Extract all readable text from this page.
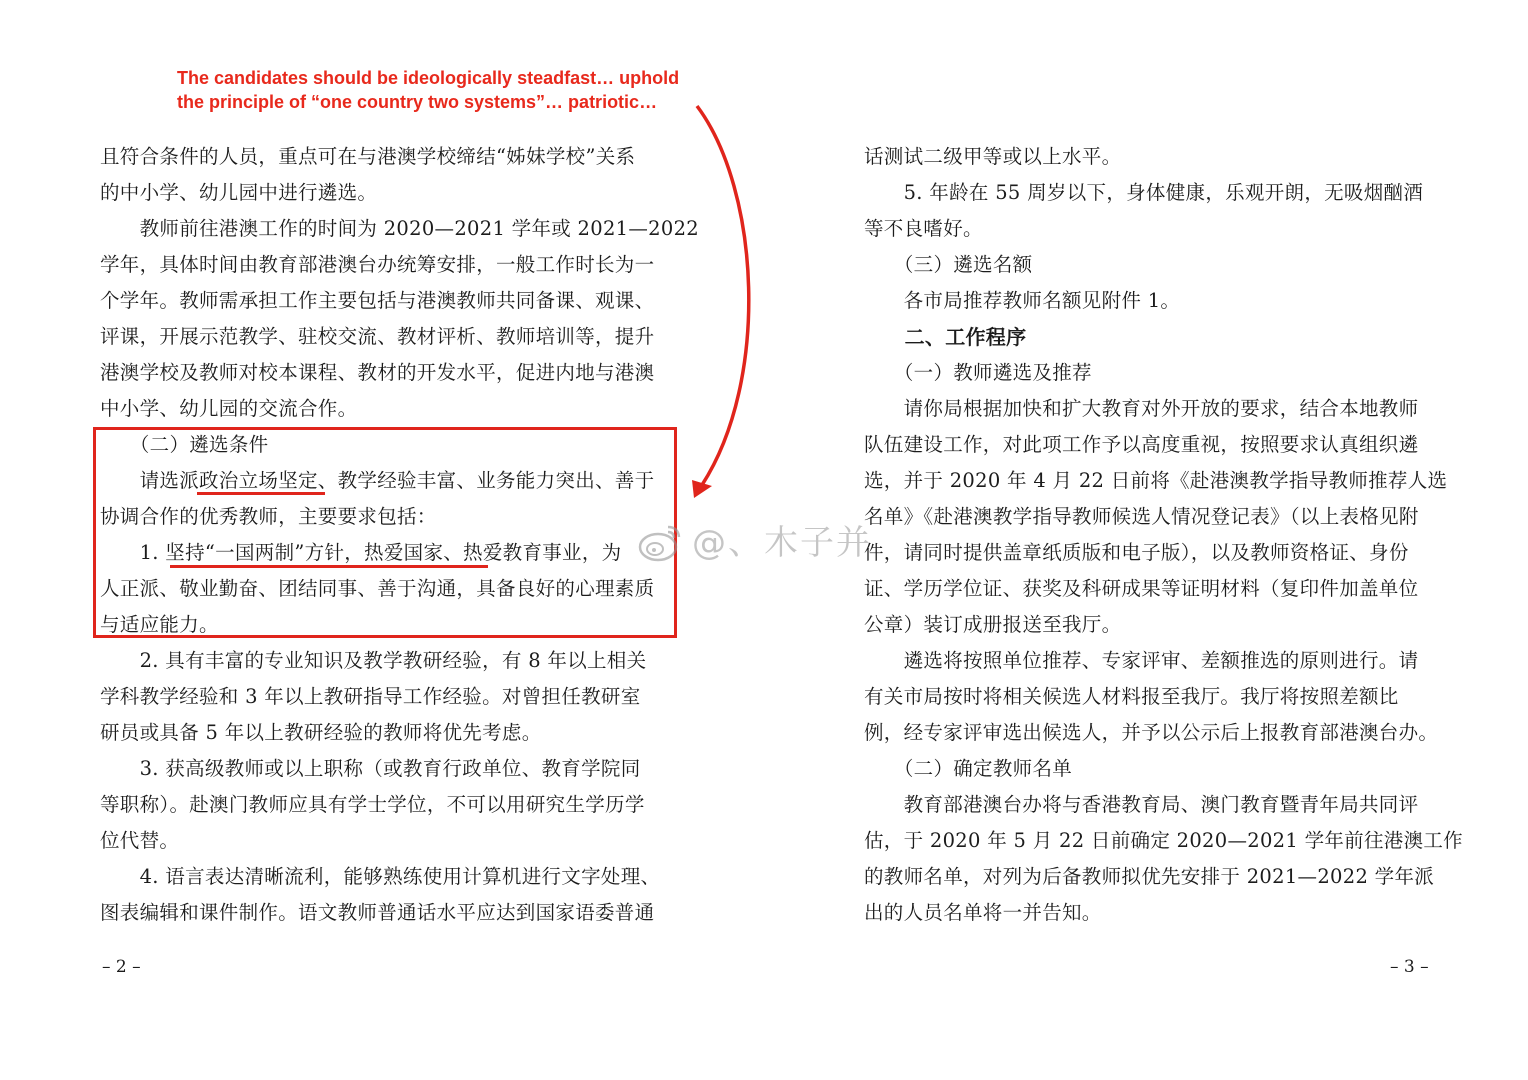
The candidates should be ideologically steadfast… uphold
the principle of “one country two systems”… patriotic…
且符合条件的人员，重点可在与港澳学校缔结“姊妹学校”关系
的中小学、幼儿园中进行遴选。
　　教师前往港澳工作的时间为 2020—2021 学年或 2021—2022
学年，具体时间由教育部港澳台办统筹安排，一般工作时长为一
个学年。教师需承担工作主要包括与港澳教师共同备课、观课、
评课，开展示范教学、驻校交流、教材评析、教师培训等，提升
港澳学校及教师对校本课程、教材的开发水平，促进内地与港澳
中小学、幼儿园的交流合作。
　　（二）遴选条件
　　请选派政治立场坚定、教学经验丰富、业务能力突出、善于
协调合作的优秀教师，主要要求包括：
　　1. 坚持“一国两制”方针，热爱国家、热爱教育事业，为
人正派、敬业勤奋、团结同事、善于沟通，具备良好的心理素质
与适应能力。
　　2. 具有丰富的专业知识及教学教研经验，有 8 年以上相关
学科教学经验和 3 年以上教研指导工作经验。对曾担任教研室
研员或具备 5 年以上教研经验的教师将优先考虑。
　　3. 获高级教师或以上职称（或教育行政单位、教育学院同
等职称）。赴澳门教师应具有学士学位，不可以用研究生学历学
位代替。
　　4. 语言表达清晰流利，能够熟练使用计算机进行文字处理、
图表编辑和课件制作。语文教师普通话水平应达到国家语委普通
– 2 –
话测试二级甲等或以上水平。
　　5. 年龄在 55 周岁以下，身体健康，乐观开朗，无吸烟酗酒
等不良嗜好。
　　（三）遴选名额
　　各市局推荐教师名额见附件 1。
　　二、工作程序
　　（一）教师遴选及推荐
　　请你局根据加快和扩大教育对外开放的要求，结合本地教师
队伍建设工作，对此项工作予以高度重视，按照要求认真组织遴
选，并于 2020 年 4 月 22 日前将《赴港澳教学指导教师推荐人选
名单》《赴港澳教学指导教师候选人情况登记表》（以上表格见附
件，请同时提供盖章纸质版和电子版），以及教师资格证、身份
证、学历学位证、获奖及科研成果等证明材料（复印件加盖单位
公章）装订成册报送至我厅。
　　遴选将按照单位推荐、专家评审、差额推选的原则进行。请
有关市局按时将相关候选人材料报至我厅。我厅将按照差额比
例，经专家评审选出候选人，并予以公示后上报教育部港澳台办。
　　（二）确定教师名单
　　教育部港澳台办将与香港教育局、澳门教育暨青年局共同评
估，于 2020 年 5 月 22 日前确定 2020—2021 学年前往港澳工作
的教师名单，对列为后备教师拟优先安排于 2021—2022 学年派
出的人员名单将一并告知。
– 3 –
@、木子并
